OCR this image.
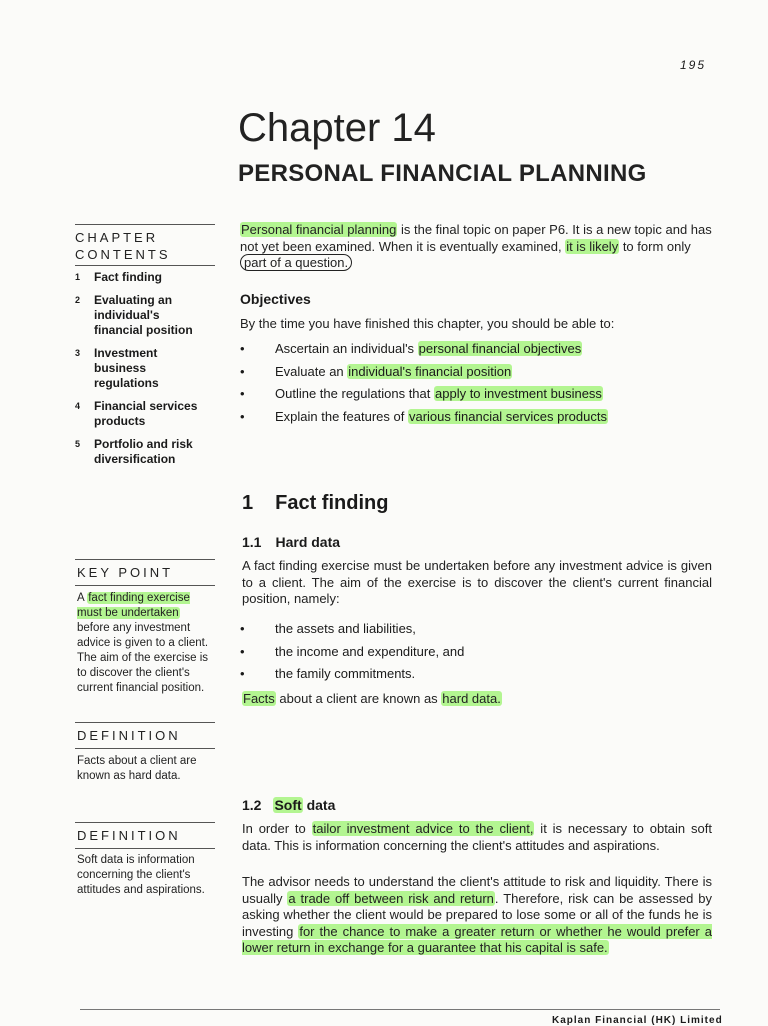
195
Chapter 14
PERSONAL FINANCIAL PLANNING
CHAPTER
CONTENTS
1 Fact finding
2 Evaluating an individual's financial position
3 Investment business regulations
4 Financial services products
5 Portfolio and risk diversification
Personal financial planning is the final topic on paper P6. It is a new topic and has not yet been examined. When it is eventually examined, it is likely to form only part of a question.
Objectives
By the time you have finished this chapter, you should be able to:
• Ascertain an individual's personal financial objectives
• Evaluate an individual's financial position
• Outline the regulations that apply to investment business
• Explain the features of various financial services products
1 Fact finding
1.1 Hard data
A fact finding exercise must be undertaken before any investment advice is given to a client. The aim of the exercise is to discover the client's current financial position, namely:
• the assets and liabilities,
• the income and expenditure, and
• the family commitments.
Facts about a client are known as hard data.
1.2 Soft data
In order to tailor investment advice to the client, it is necessary to obtain soft data. This is information concerning the client's attitudes and aspirations.
The advisor needs to understand the client's attitude to risk and liquidity. There is usually a trade off between risk and return. Therefore, risk can be assessed by asking whether the client would be prepared to lose some or all of the funds he is investing for the chance to make a greater return or whether he would prefer a lower return in exchange for a guarantee that his capital is safe.
KEY POINT
A fact finding exercise must be undertaken before any investment advice is given to a client. The aim of the exercise is to discover the client's current financial position.
DEFINITION
Facts about a client are known as hard data.
DEFINITION
Soft data is information concerning the client's attitudes and aspirations.
Kaplan Financial (HK) Limited
